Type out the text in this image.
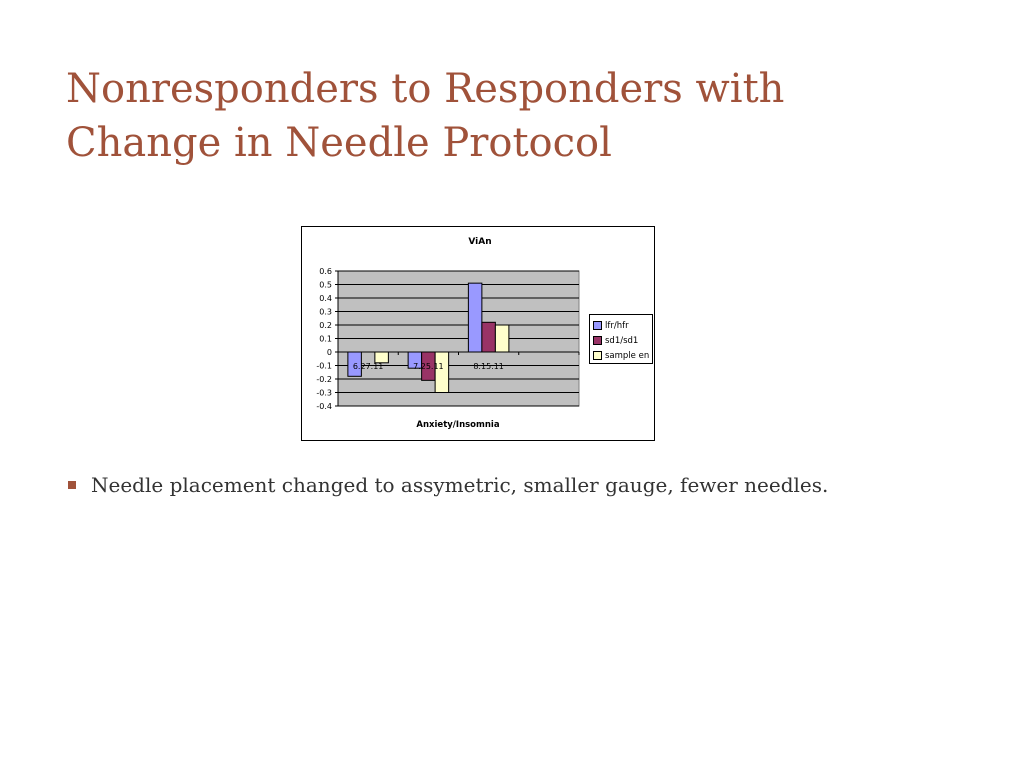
Nonresponders to Responders with Change in Needle Protocol
ViAn
0.6
0.5
0.4
0.3
0.2
0.1
0
-0.1
-0.2
-0.3
-0.4
6.27.11	7.25.11	8.15.11
Anxiety/Insomnia
lfr/hfr
sd1/sd1
sample en
Needle placement changed to assymetric, smaller gauge, fewer needles.
